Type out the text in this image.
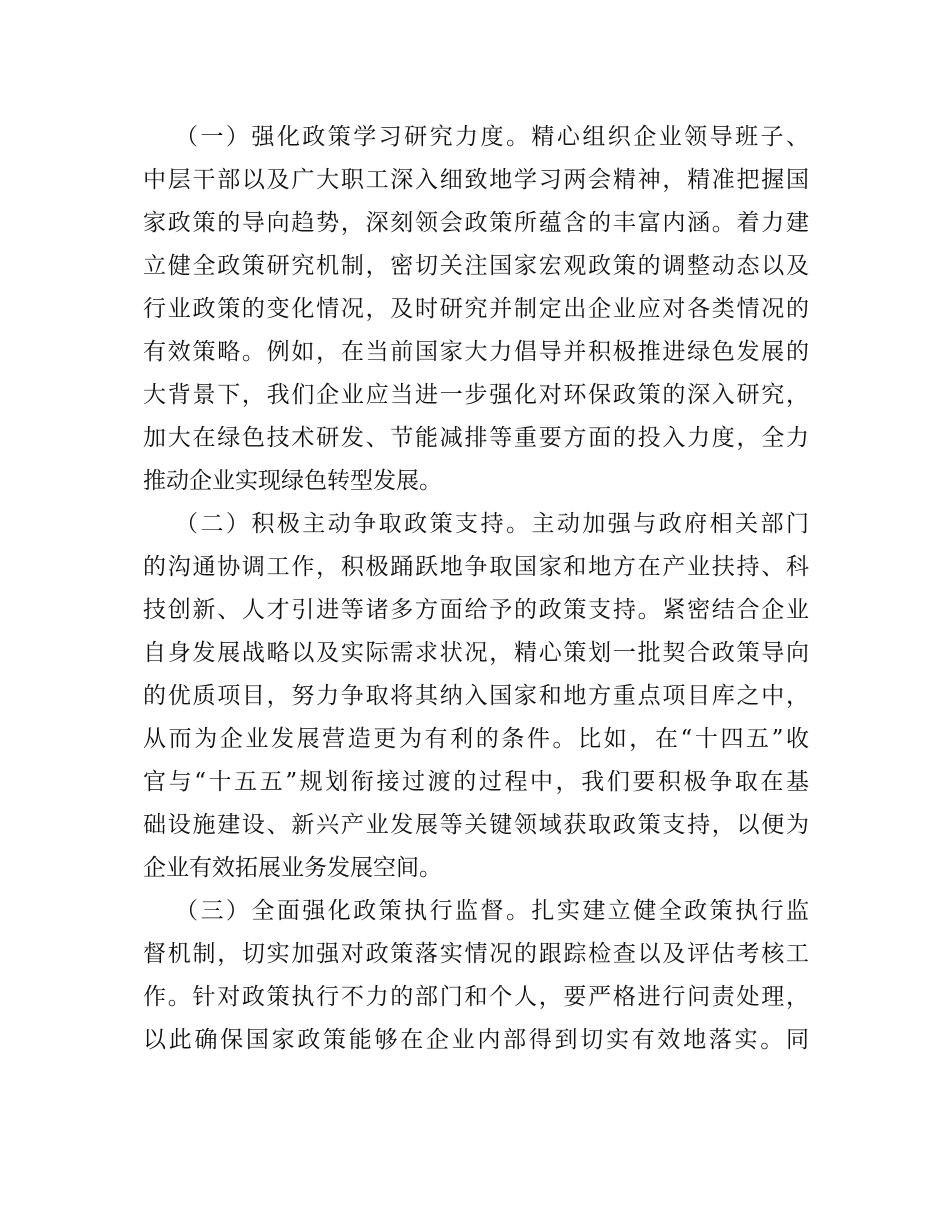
（一）强化政策学习研究力度。精心组织企业领导班子、
中层干部以及广大职工深入细致地学习两会精神，精准把握国
家政策的导向趋势，深刻领会政策所蕴含的丰富内涵。着力建
立健全政策研究机制，密切关注国家宏观政策的调整动态以及
行业政策的变化情况，及时研究并制定出企业应对各类情况的
有效策略。例如，在当前国家大力倡导并积极推进绿色发展的
大背景下，我们企业应当进一步强化对环保政策的深入研究，
加大在绿色技术研发、节能减排等重要方面的投入力度，全力
推动企业实现绿色转型发展。
（二）积极主动争取政策支持。主动加强与政府相关部门
的沟通协调工作，积极踊跃地争取国家和地方在产业扶持、科
技创新、人才引进等诸多方面给予的政策支持。紧密结合企业
自身发展战略以及实际需求状况，精心策划一批契合政策导向
的优质项目，努力争取将其纳入国家和地方重点项目库之中，
从而为企业发展营造更为有利的条件。比如，在“十四五”收
官与“十五五”规划衔接过渡的过程中，我们要积极争取在基
础设施建设、新兴产业发展等关键领域获取政策支持，以便为
企业有效拓展业务发展空间。
（三）全面强化政策执行监督。扎实建立健全政策执行监
督机制，切实加强对政策落实情况的跟踪检查以及评估考核工
作。针对政策执行不力的部门和个人，要严格进行问责处理，
以此确保国家政策能够在企业内部得到切实有效地落实。同
